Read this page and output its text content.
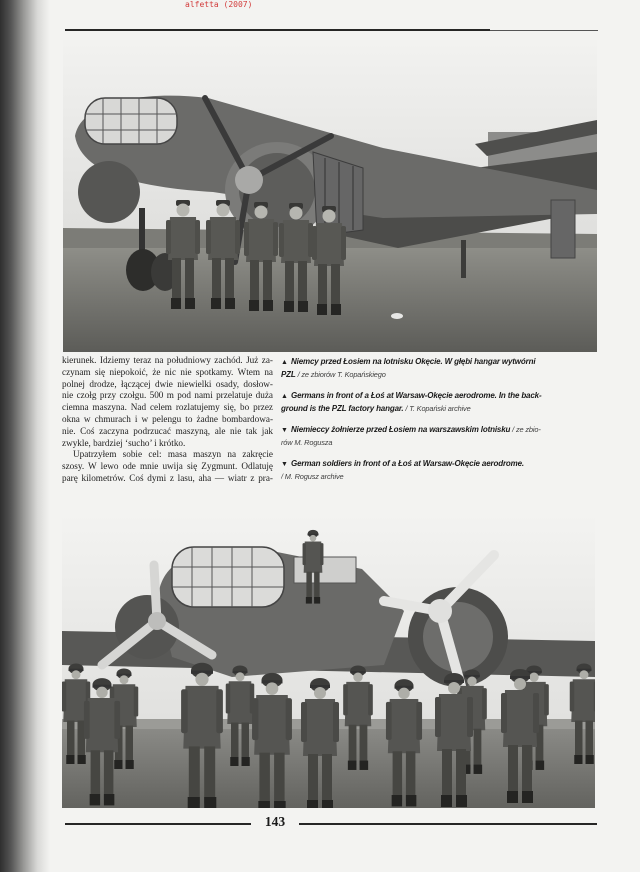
alfetta (2007)
kierunek. Idziemy teraz na południowy zachód. Już za-
czynam się niepokoić, że nic nie spotkamy. Wtem na
polnej drodze, łączącej dwie niewielki osady, dosłow-
nie czołg przy czołgu. 500 m pod nami przelatuje duża
ciemna maszyna. Nad celem rozlatujemy się, bo przez
okna w chmurach i w pelengu to żadne bombardowa-
nie. Coś zaczyna podrzucać maszyną, ale nie tak jak
zwykle, bardziej ‘sucho’ i krótko.
Upatrzyłem sobie cel: masa maszyn na zakręcie
szosy. W lewo ode mnie uwija się Zygmunt. Odlatuję
parę kilometrów. Coś dymi z lasu, aha — wiatr z pra-
▲ Niemcy przed Łosiem na lotnisku Okęcie. W głębi hangar wytwórni
PZL / ze zbiorów T. Kopańskiego
▲ Germans in front of a Łoś at Warsaw-Okęcie aerodrome. In the back-
ground is the PZL factory hangar. / T. Kopański archive
▼ Niemieccy żołnierze przed Łosiem na warszawskim lotnisku / ze zbio-
rów M. Rogusza
▼ German soldiers in front of a Łoś at Warsaw-Okęcie aerodrome.
/ M. Rogusz archive
143
